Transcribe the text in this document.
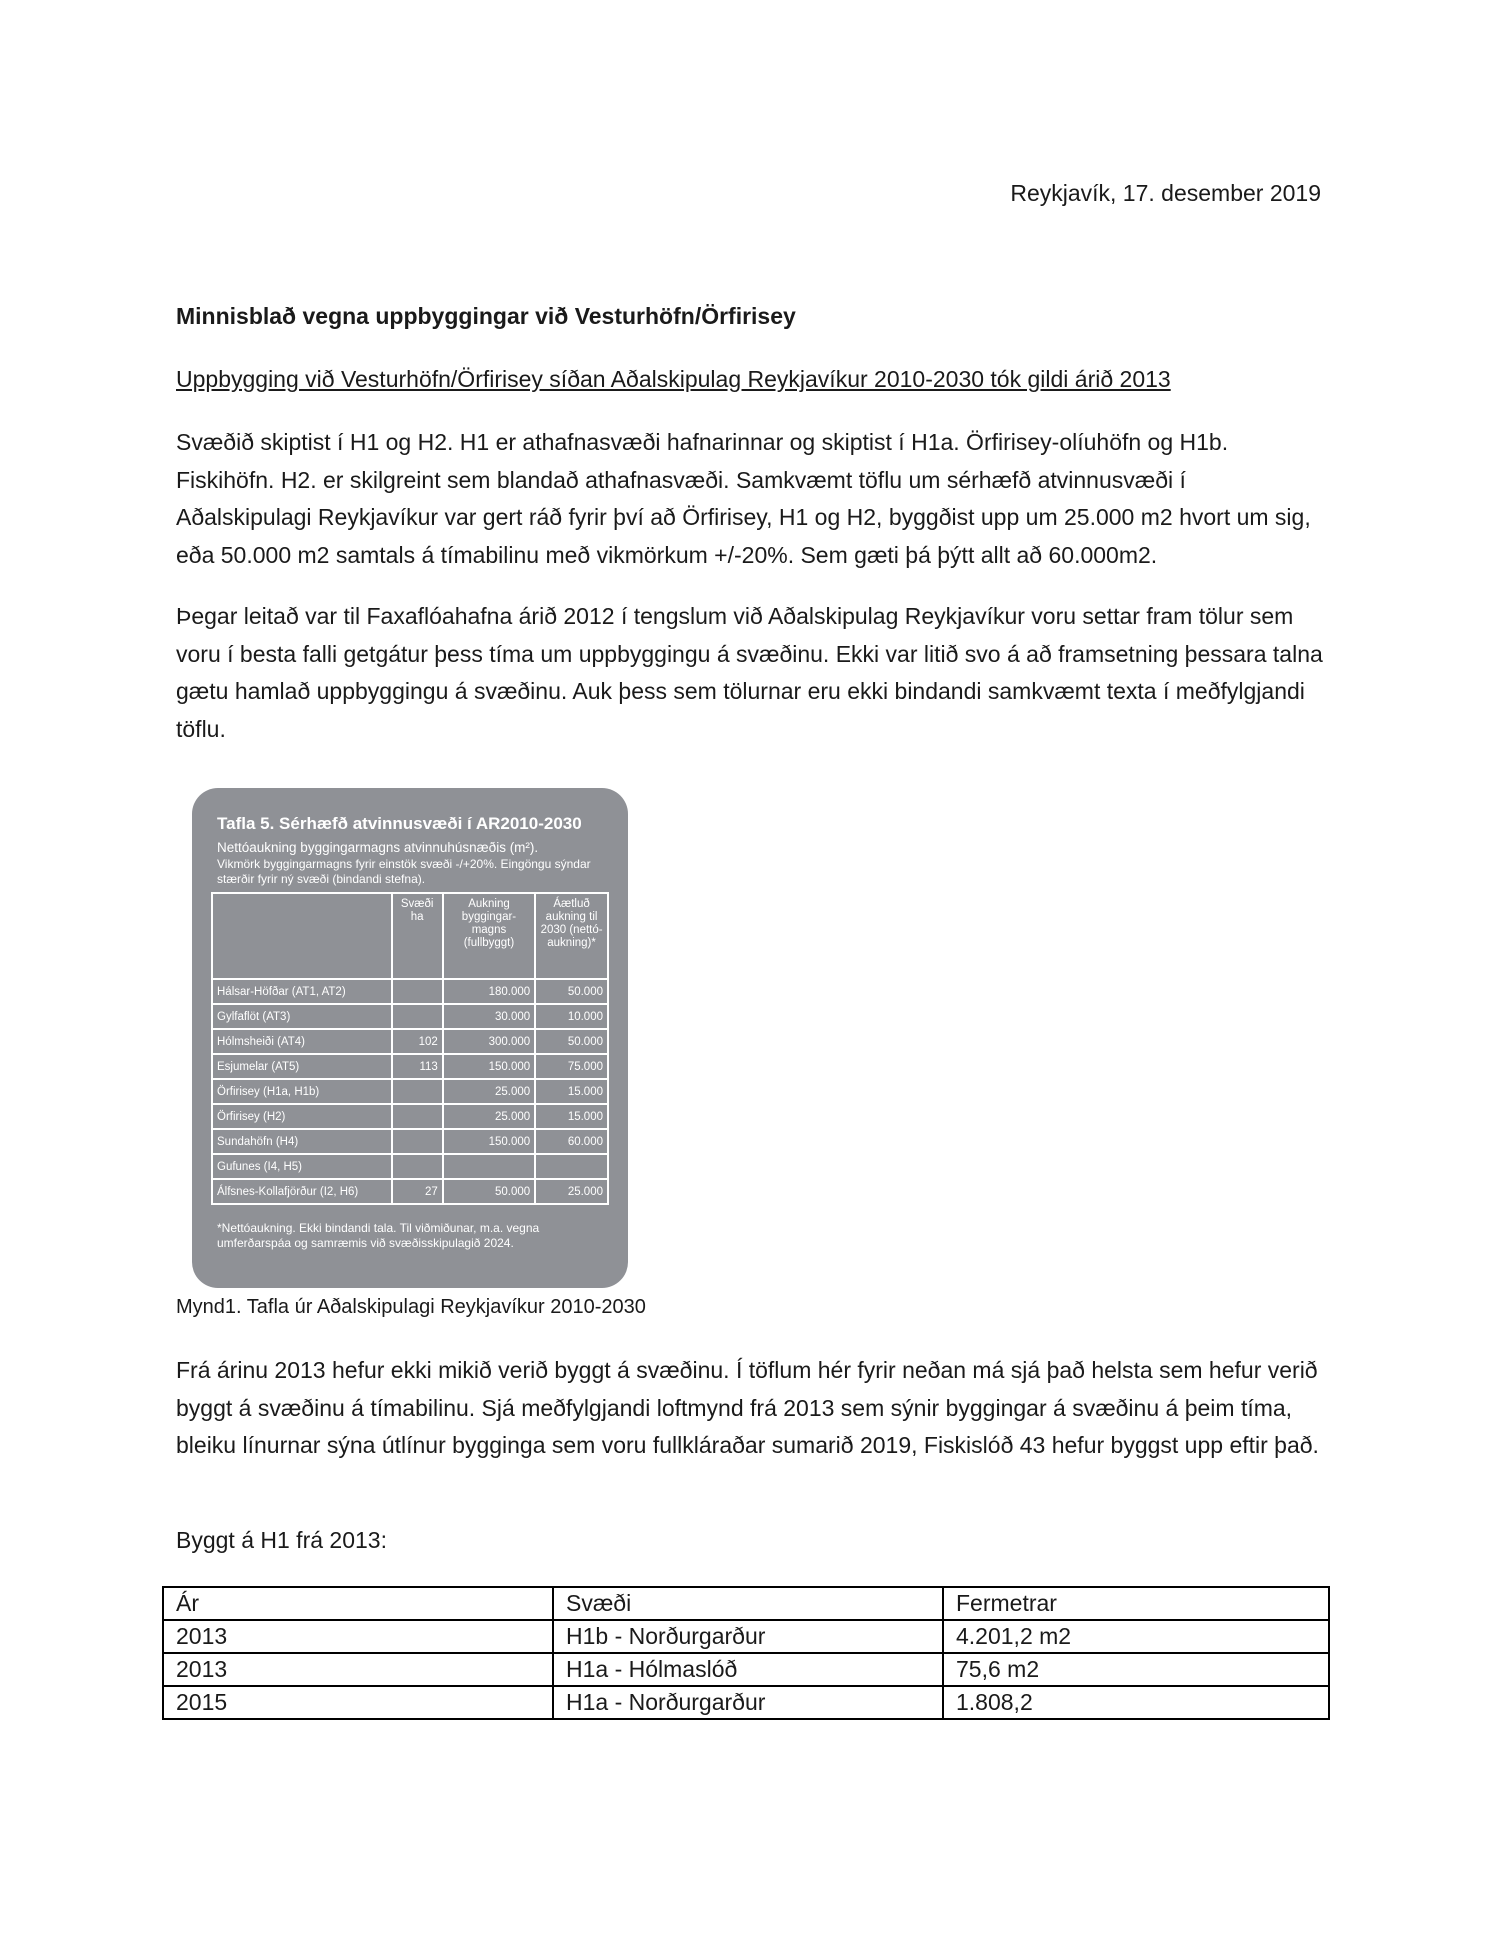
Reykjavík, 17. desember 2019
Minnisblað vegna uppbyggingar við Vesturhöfn/Örfirisey
Uppbygging við Vesturhöfn/Örfirisey síðan Aðalskipulag Reykjavíkur 2010-2030 tók gildi árið 2013

Svæðið skiptist í H1 og H2. H1 er athafnasvæði hafnarinnar og skiptist í H1a. Örfirisey-olíuhöfn og H1b. Fiskihöfn. H2. er skilgreint sem blandað athafnasvæði. Samkvæmt töflu um sérhæfð atvinnusvæði í Aðalskipulagi Reykjavíkur var gert ráð fyrir því að Örfirisey, H1 og H2, byggðist upp um 25.000 m2 hvort um sig, eða 50.000 m2 samtals á tímabilinu með vikmörkum +/-20%. Sem gæti þá þýtt allt að 60.000m2.

Þegar leitað var til Faxaflóahafna árið 2012 í tengslum við Aðalskipulag Reykjavíkur voru settar fram tölur sem voru í besta falli getgátur þess tíma um uppbyggingu á svæðinu. Ekki var litið svo á að framsetning þessara talna gætu hamlað uppbyggingu á svæðinu. Auk þess sem tölurnar eru ekki bindandi samkvæmt texta í meðfylgjandi töflu.

Tafla 5. Sérhæfð atvinnusvæði í AR2010-2030
Nettóaukning byggingarmagns atvinnuhúsnæðis (m²).
Vikmörk byggingarmagns fyrir einstök svæði -/+20%. Eingöngu sýndar stærðir fyrir ný svæði (bindandi stefna).
	Svæði ha	Aukning byggingar-magns (fullbyggt)	Áætluð aukning til 2030 (nettó-aukning)*
Hálsar-Höfðar (AT1, AT2)		180.000	50.000
Gylfaflöt (AT3)		30.000	10.000
Hólmsheiði (AT4)	102	300.000	50.000
Esjumelar (AT5)	113	150.000	75.000
Örfirisey (H1a, H1b)		25.000	15.000
Örfirisey (H2)		25.000	15.000
Sundahöfn (H4)		150.000	60.000
Gufunes (I4, H5)			
Álfsnes-Kollafjörður (I2, H6)	27	50.000	25.000
*Nettóaukning. Ekki bindandi tala. Til viðmiðunar, m.a. vegna umferðarspáa og samræmis við svæðisskipulagið 2024.
Mynd1. Tafla úr Aðalskipulagi Reykjavíkur 2010-2030

Frá árinu 2013 hefur ekki mikið verið byggt á svæðinu. Í töflum hér fyrir neðan má sjá það helsta sem hefur verið byggt á svæðinu á tímabilinu. Sjá meðfylgjandi loftmynd frá 2013 sem sýnir byggingar á svæðinu á þeim tíma, bleiku línurnar sýna útlínur bygginga sem voru fullkláraðar sumarið 2019, Fiskislóð 43 hefur byggst upp eftir það.

Byggt á H1 frá 2013:
Ár	Svæði	Fermetrar
2013	H1b - Norðurgarður	4.201,2 m2
2013	H1a - Hólmaslóð	75,6 m2
2015	H1a - Norðurgarður	1.808,2
